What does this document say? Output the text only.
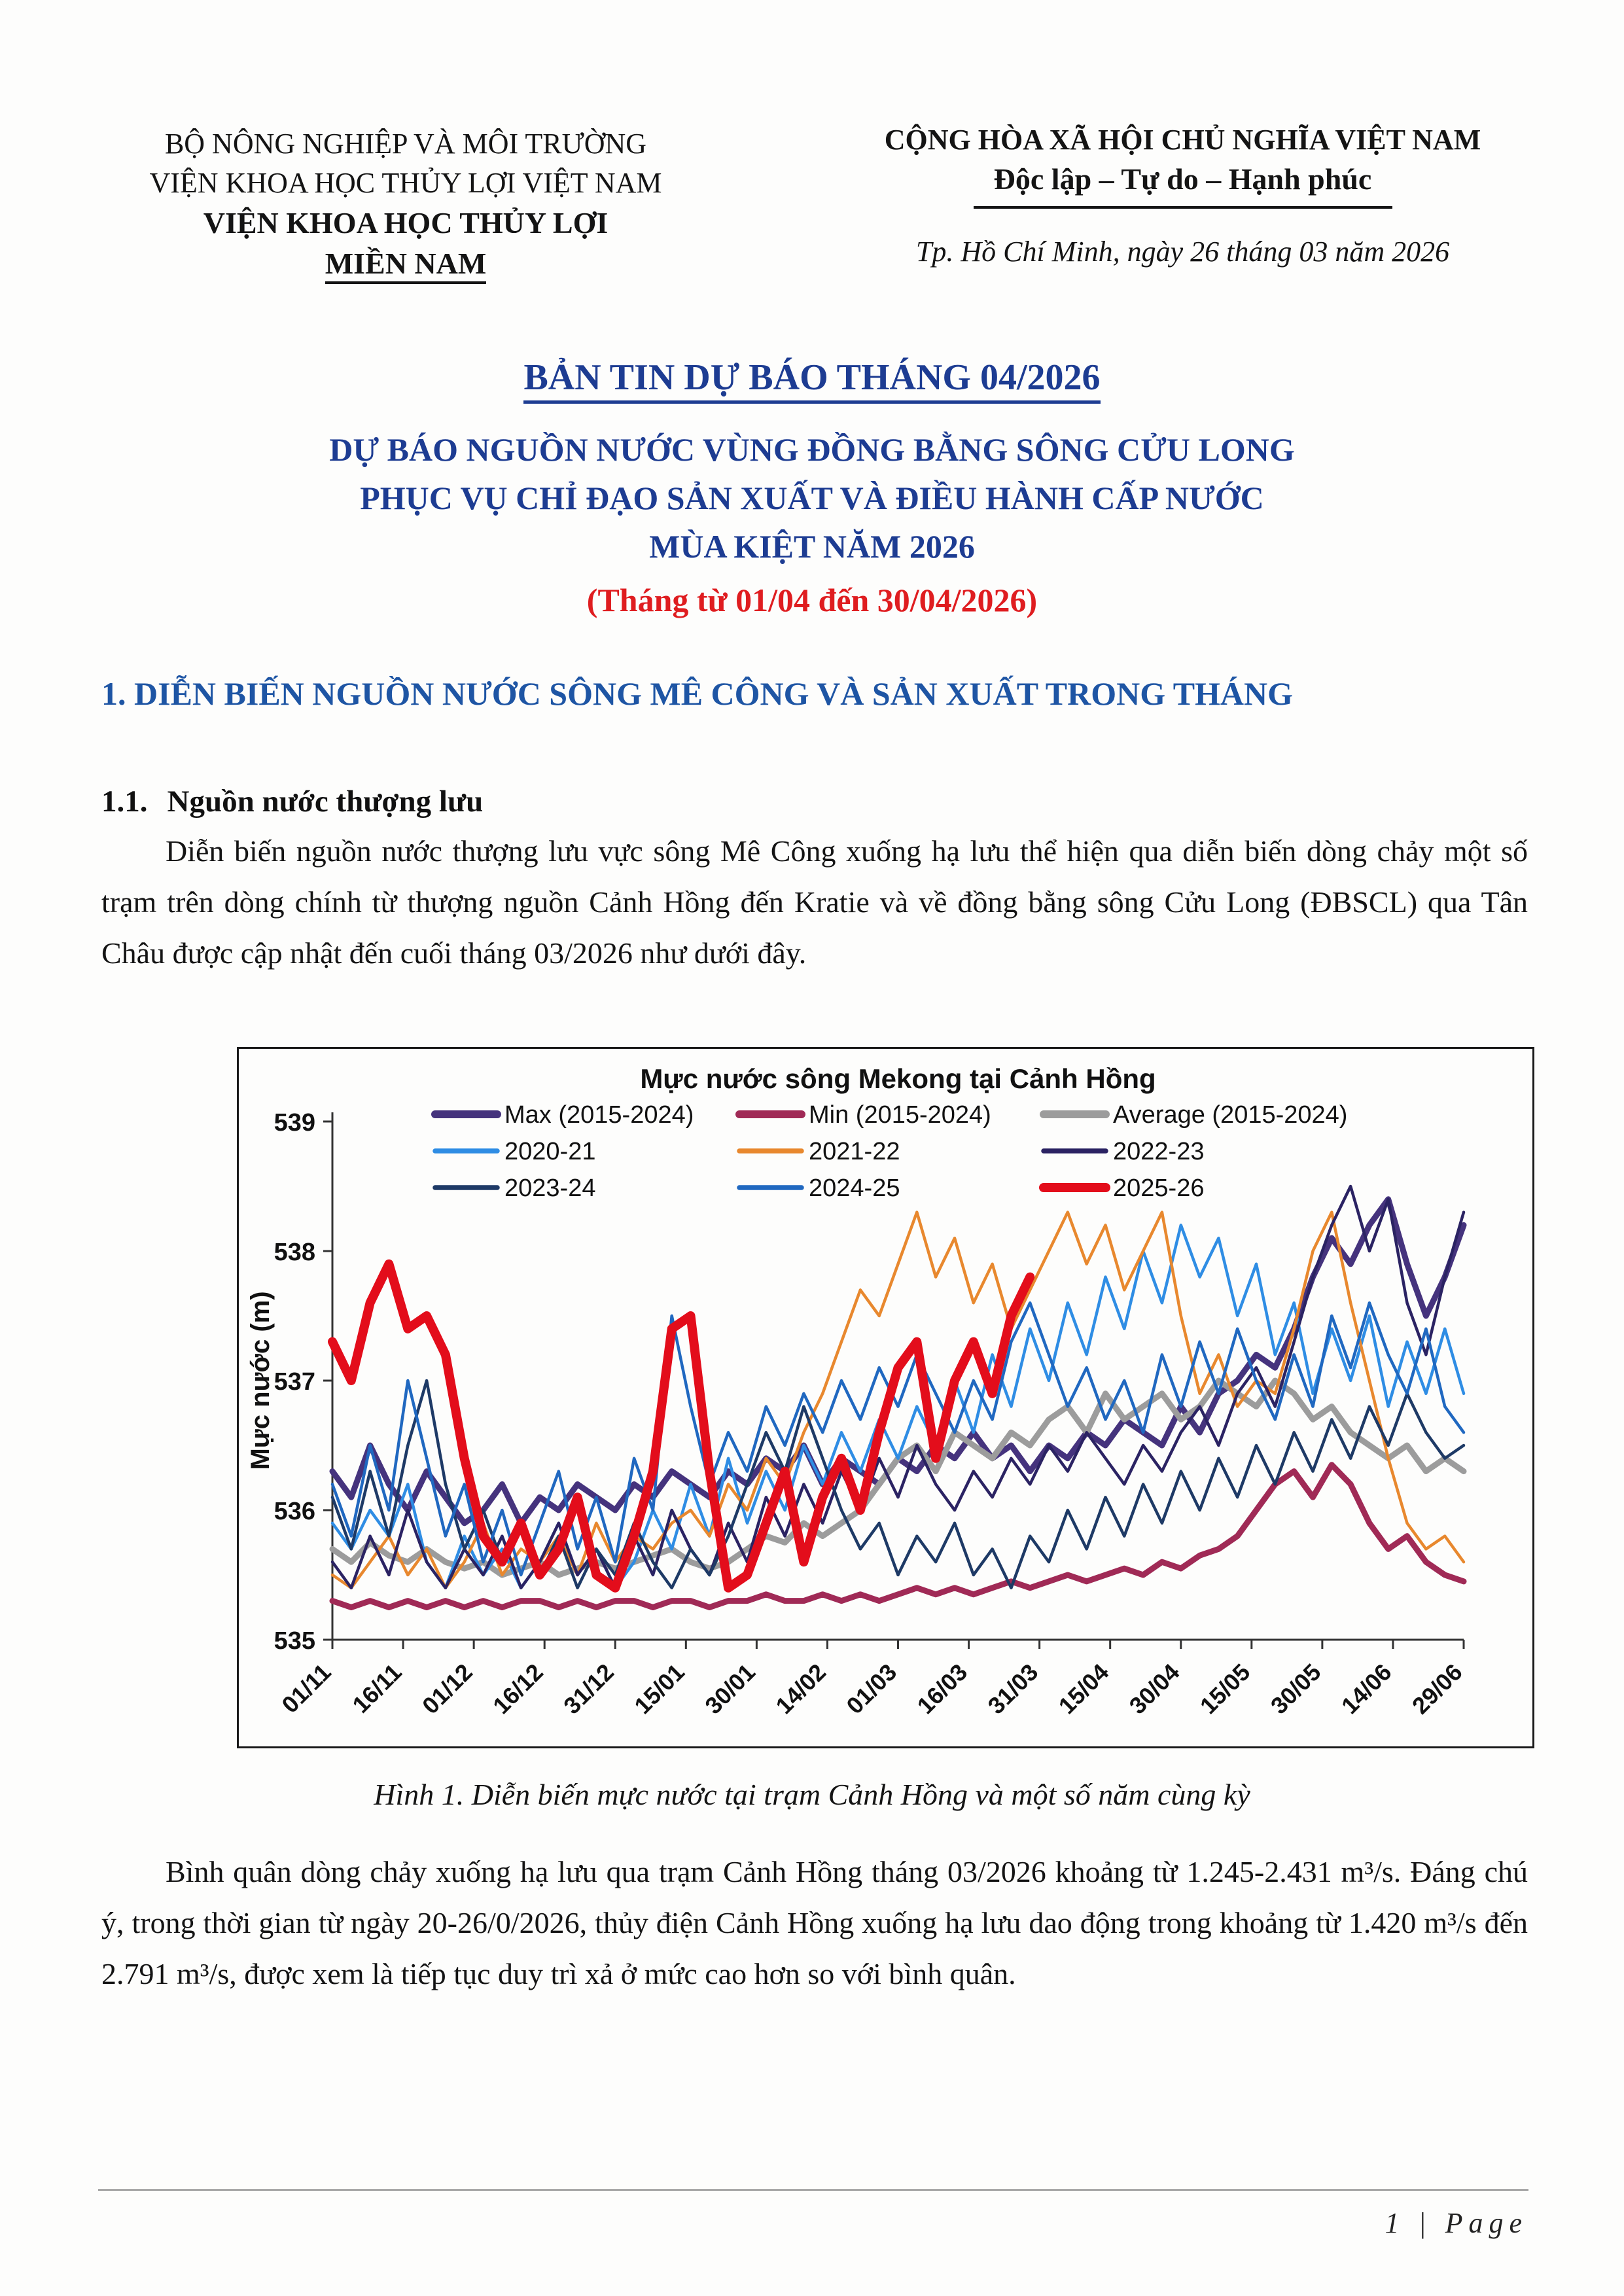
BỘ NÔNG NGHIỆP VÀ MÔI TRƯỜNG
VIỆN KHOA HỌC THỦY LỢI VIỆT NAM
VIỆN KHOA HỌC THỦY LỢI
MIỀN NAM
CỘNG HÒA XÃ HỘI CHỦ NGHĨA VIỆT NAM
Độc lập – Tự do – Hạnh phúc
Tp. Hồ Chí Minh, ngày 26 tháng 03 năm 2026
BẢN TIN DỰ BÁO THÁNG 04/2026
DỰ BÁO NGUỒN NƯỚC VÙNG ĐỒNG BẰNG SÔNG CỬU LONG
PHỤC VỤ CHỈ ĐẠO SẢN XUẤT VÀ ĐIỀU HÀNH CẤP NƯỚC
MÙA KIỆT NĂM 2026
(Tháng từ 01/04 đến 30/04/2026)
1. DIỄN BIẾN NGUỒN NƯỚC SÔNG MÊ CÔNG VÀ SẢN XUẤT TRONG THÁNG
1.1. Nguồn nước thượng lưu
Diễn biến nguồn nước thượng lưu vực sông Mê Công xuống hạ lưu thể hiện qua diễn biến dòng chảy một số trạm trên dòng chính từ thượng nguồn Cảnh Hồng đến Kratie và về đồng bằng sông Cửu Long (ĐBSCL) qua Tân Châu được cập nhật đến cuối tháng 03/2026 như dưới đây.
Mực nước sông Mekong tại Cảnh Hồng
Mực nước (m)
535
536
537
538
539
01/11 16/11 01/12 16/12 31/12 15/01 30/01 14/02 01/03 16/03 31/03 15/04 30/04 15/05 30/05 14/06 29/06
Max (2015-2024)	Min (2015-2024)	Average (2015-2024)
2020-21	2021-22	2022-23
2023-24	2024-25	2025-26
Hình 1. Diễn biến mực nước tại trạm Cảnh Hồng và một số năm cùng kỳ
Bình quân dòng chảy xuống hạ lưu qua trạm Cảnh Hồng tháng 03/2026 khoảng từ 1.245-2.431 m³/s. Đáng chú ý, trong thời gian từ ngày 20-26/0/2026, thủy điện Cảnh Hồng xuống hạ lưu dao động trong khoảng từ 1.420 m³/s đến 2.791 m³/s, được xem là tiếp tục duy trì xả ở mức cao hơn so với bình quân.
1 | Page
